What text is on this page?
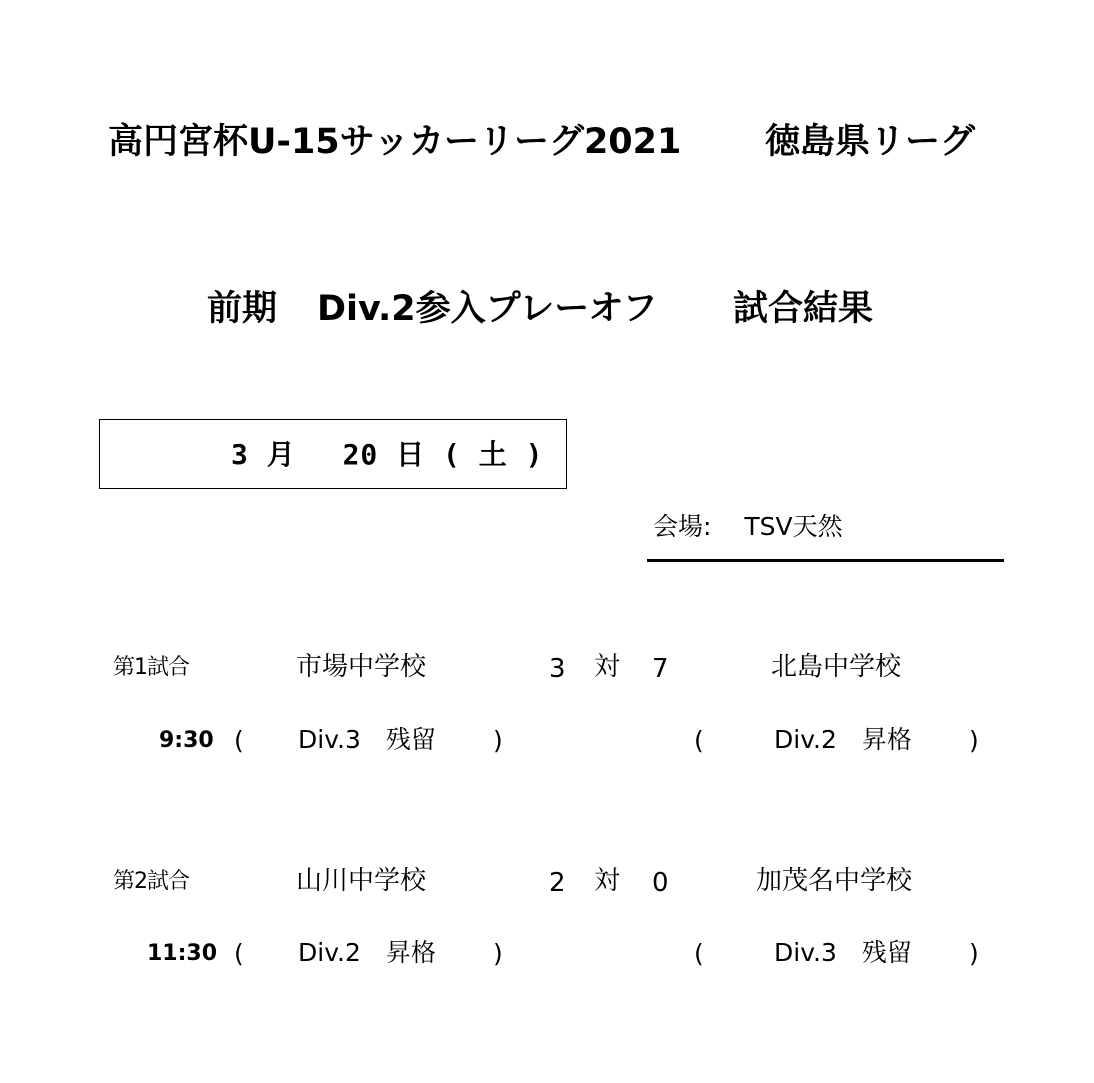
高円宮杯U-15サッカーリーグ2021 徳島県リーグ
前期 Div.2参入プレーオフ 試合結果
3 月　 20 日 ( 土 )
会場:　 TSV天然
第1試合	市場中学校	3 対 7	北島中学校
9:30 ( Div.3　残留 )	(	Div.2　昇格 )
第2試合	山川中学校	2 対 0	加茂名中学校
11:30 ( Div.2　昇格 )	(	Div.3　残留 )
